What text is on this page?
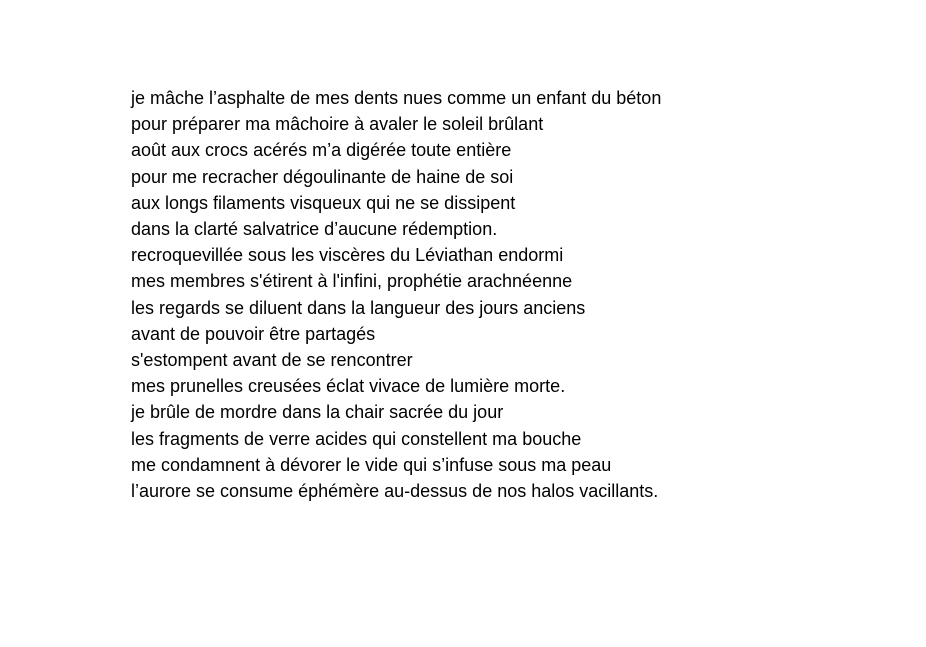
je mâche l’asphalte de mes dents nues comme un enfant du béton
pour préparer ma mâchoire à avaler le soleil brûlant
août aux crocs acérés m’a digérée toute entière
pour me recracher dégoulinante de haine de soi
aux longs filaments visqueux qui ne se dissipent
dans la clarté salvatrice d’aucune rédemption.
recroquevillée sous les viscères du Léviathan endormi
mes membres s'étirent à l'infini, prophétie arachnéenne
les regards se diluent dans la langueur des jours anciens
avant de pouvoir être partagés
s'estompent avant de se rencontrer
mes prunelles creusées éclat vivace de lumière morte.
je brûle de mordre dans la chair sacrée du jour
les fragments de verre acides qui constellent ma bouche
me condamnent à dévorer le vide qui s’infuse sous ma peau
l’aurore se consume éphémère au-dessus de nos halos vacillants.
